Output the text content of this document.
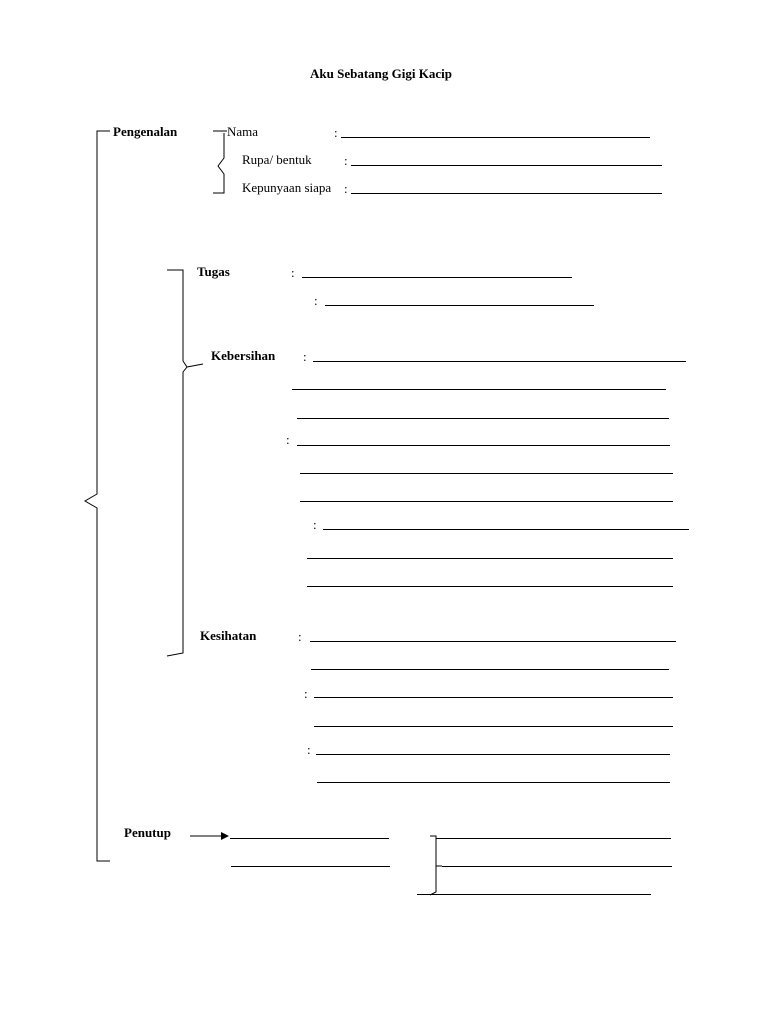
Aku Sebatang Gigi Kacip
Pengenalan	Nama	:
Rupa/ bentuk :
Kepunyaan siapa :
Tugas	:
:
Kebersihan :
:
:
Kesihatan	:
:
:
Penutup
